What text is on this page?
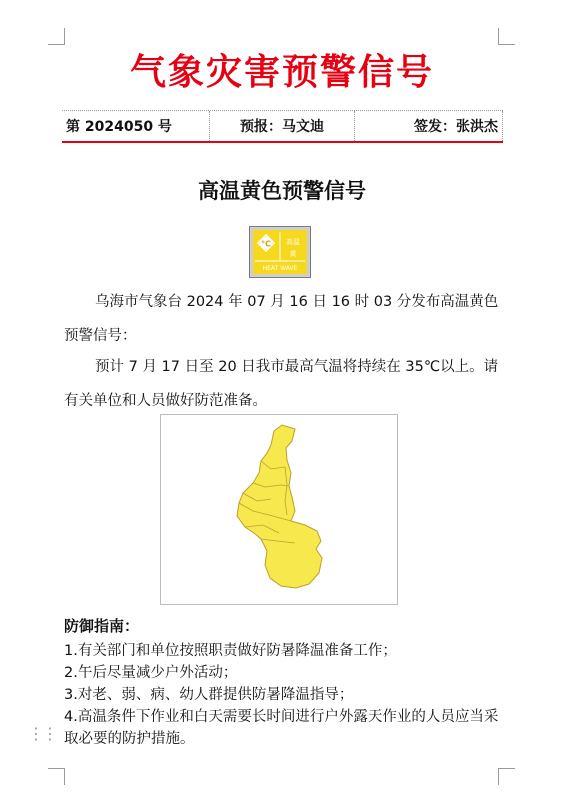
气象灾害预警信号
第 2024050 号	预报：马文迪	签发：张洪杰
高温黄色预警信号
°C 高温
黄
HEAT WAVE
乌海市气象台 2024 年 07 月 16 日 16 时 03 分发布高温黄色预警信号：
预计 7 月 17 日至 20 日我市最高气温将持续在 35℃以上。请有关单位和人员做好防范准备。
防御指南：
1.有关部门和单位按照职责做好防暑降温准备工作；
2.午后尽量减少户外活动；
3.对老、弱、病、幼人群提供防暑降温指导；
4.高温条件下作业和白天需要长时间进行户外露天作业的人员应当采取必要的防护措施。
⋮⋮
